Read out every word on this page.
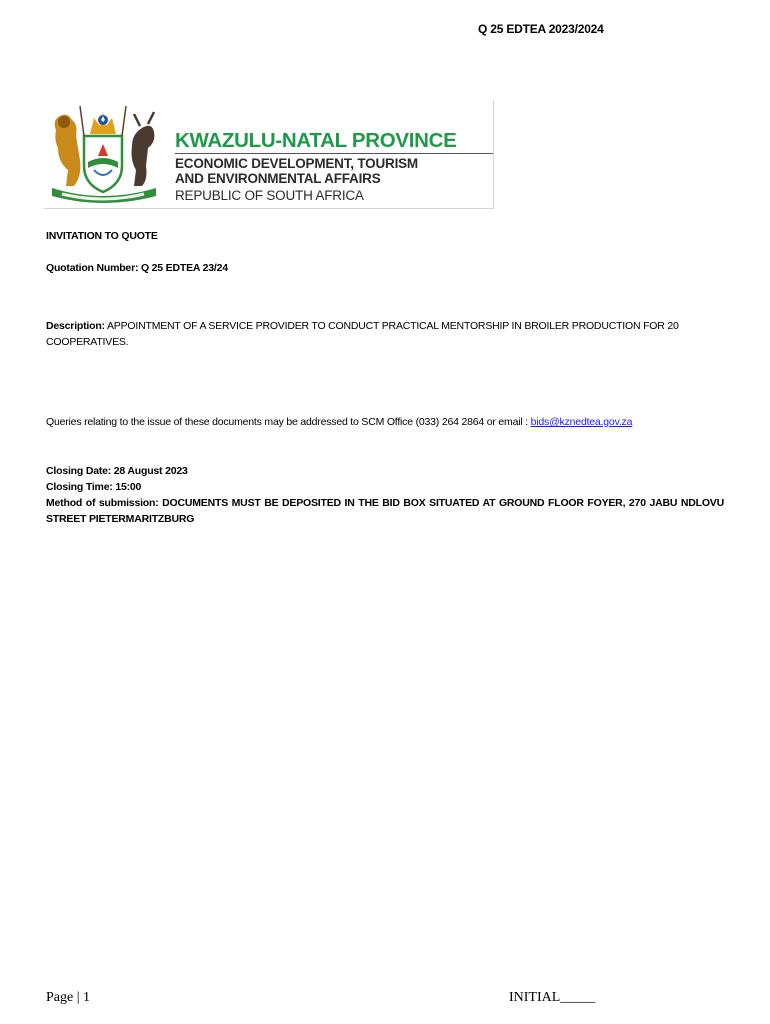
Q 25 EDTEA 2023/2024
KWAZULU-NATAL PROVINCE
ECONOMIC DEVELOPMENT, TOURISM
AND ENVIRONMENTAL AFFAIRS
REPUBLIC OF SOUTH AFRICA
INVITATION TO QUOTE
Quotation Number: Q 25 EDTEA 23/24
Description: APPOINTMENT OF A SERVICE PROVIDER TO CONDUCT PRACTICAL MENTORSHIP IN BROILER PRODUCTION FOR 20 COOPERATIVES.
Queries relating to the issue of these documents may be addressed to SCM Office (033) 264 2864 or email : bids@kznedtea.gov.za
Closing Date: 28 August 2023
Closing Time: 15:00
Method of submission: DOCUMENTS MUST BE DEPOSITED IN THE BID BOX SITUATED AT GROUND FLOOR FOYER, 270 JABU NDLOVU STREET PIETERMARITZBURG
Page | 1	INITIAL_____
